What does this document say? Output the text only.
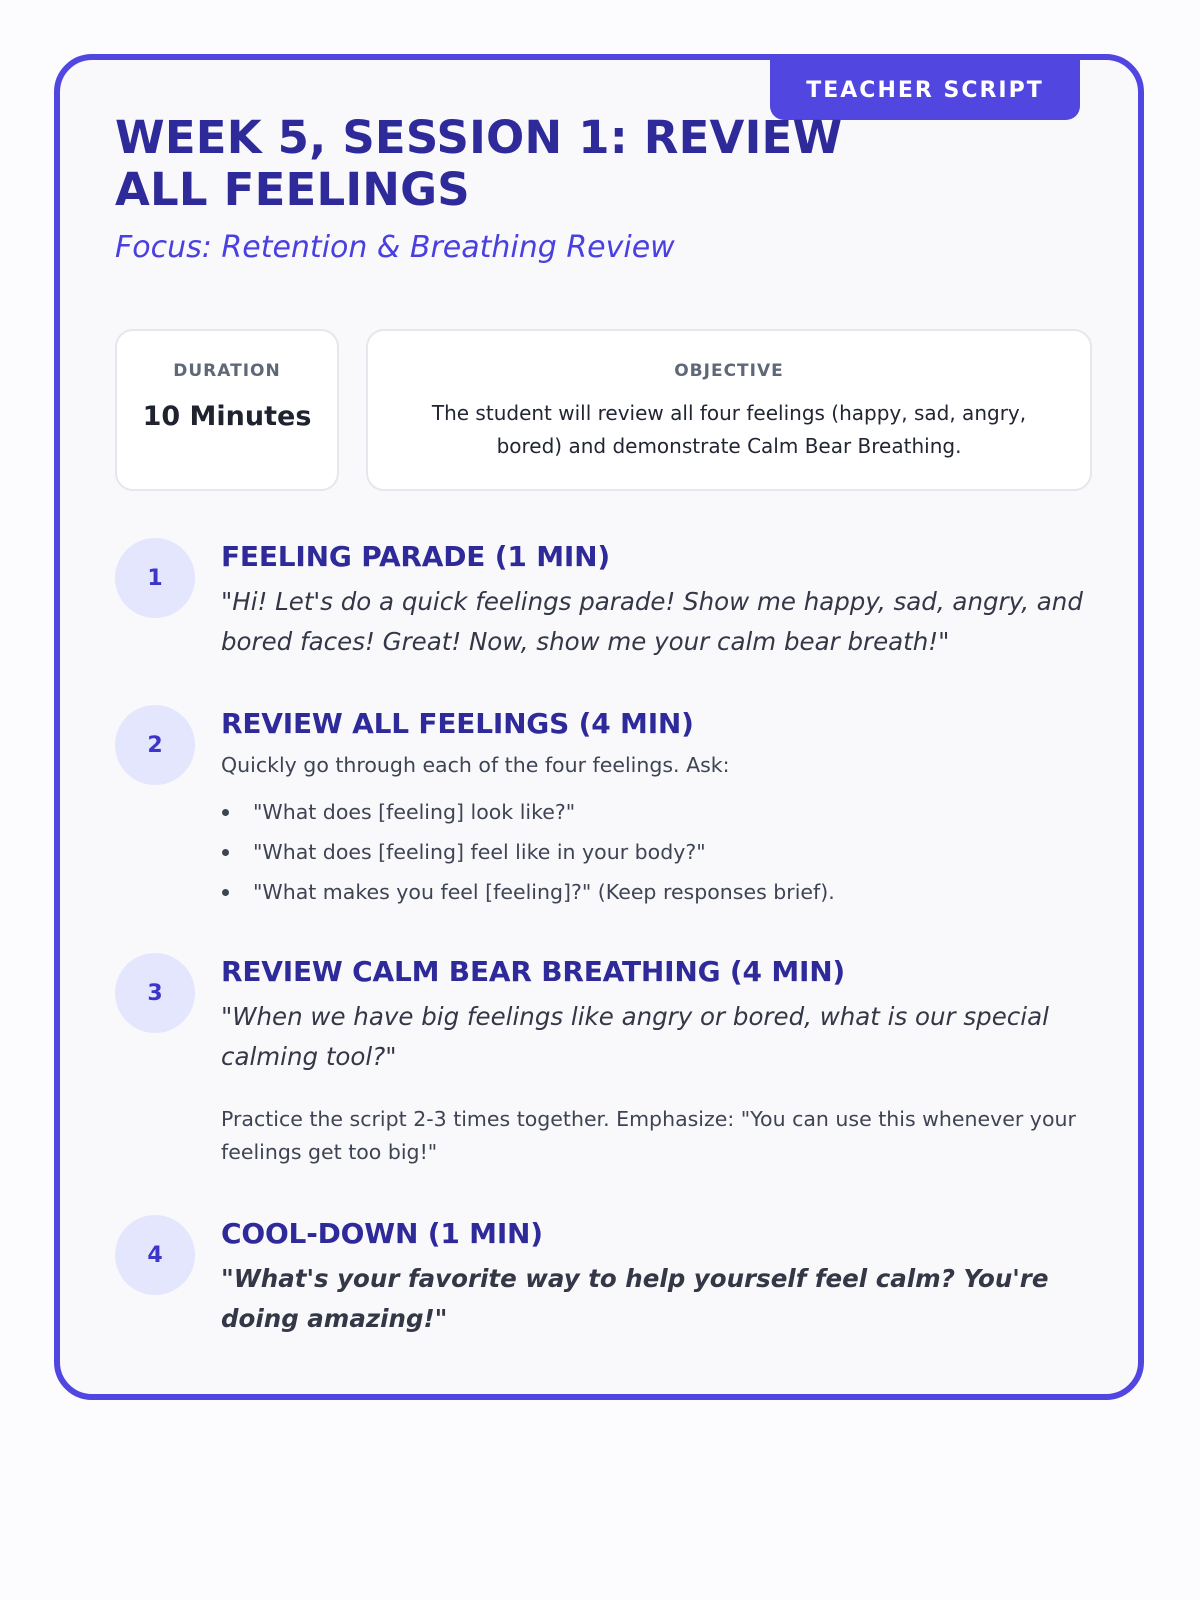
TEACHER SCRIPT
WEEK 5, SESSION 1: REVIEW ALL FEELINGS

Focus: Retention & Breathing Review

DURATION
10 Minutes
OBJECTIVE
The student will review all four feelings (happy, sad, angry, bored) and demonstrate Calm Bear Breathing.
1
FEELING PARADE (1 MIN)

"Hi! Let's do a quick feelings parade! Show me happy, sad, angry, and bored faces! Great! Now, show me your calm bear breath!"

2
REVIEW ALL FEELINGS (4 MIN)

Quickly go through each of the four feelings. Ask:

"What does [feeling] look like?"
"What does [feeling] feel like in your body?"
"What makes you feel [feeling]?" (Keep responses brief).
3
REVIEW CALM BEAR BREATHING (4 MIN)

"When we have big feelings like angry or bored, what is our special calming tool?"

Practice the script 2-3 times together. Emphasize: "You can use this whenever your feelings get too big!"

4
COOL-DOWN (1 MIN)

"What's your favorite way to help yourself feel calm? You're doing amazing!"
